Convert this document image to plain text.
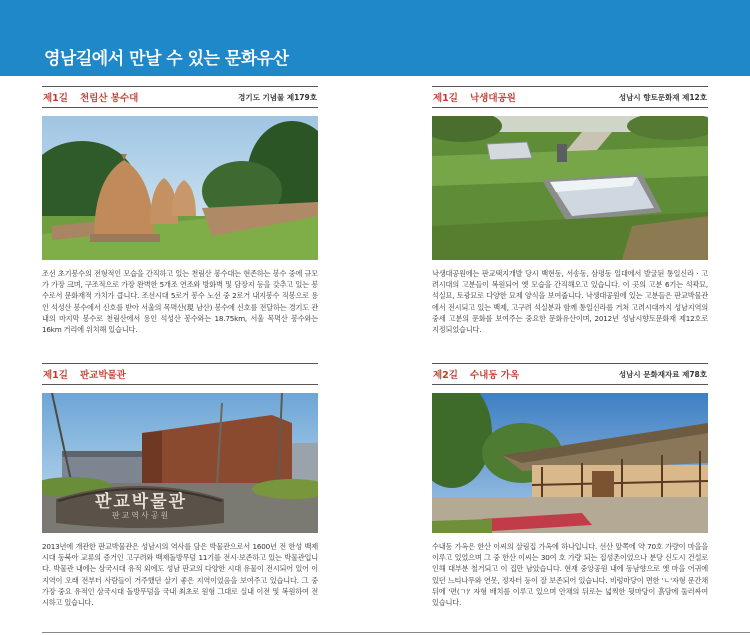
영남길에서 만날 수 있는 문화유산
제1길 천림산 봉수대	경기도 기념물 제179호

조선 초기봉수의 전형적인 모습을 간직하고 있는 천림산 봉수대는 현존하는 봉수 중에 규모가 가장 크며, 구조적으로 가장 완벽한 5개조 연조와 방화벽 및 담장지 등을 갖추고 있는 봉수로서 문화재적 가치가 큽니다. 조선시대 5로거 봉수 노선 중 2로거 내지봉수 직봉으로 용인 석성산 봉수에서 신호를 받아 서울의 목멱산(現 남산) 봉수에 신호를 전달하는 경기도 관내의 마지막 봉수로 천림산에서 용인 석성산 봉수와는 18.75km, 서울 목멱산 봉수와는 16km 거리에 위치해 있습니다.

제1길 낙생대공원	성남시 향토문화재 제12호

낙생대공원에는 판교택지개발 당시 백현동, 서송동, 삼평동 일대에서 발굴된 통일신라 · 고려시대의 고분들이 복원되어 옛 모습을 간직해오고 있습니다. 이 곳의 고분 6기는 석곽묘, 석실묘, 토광묘로 다양한 묘제 양식을 보여줍니다. 낙생대공원에 있는 고분들은 판교박물관에서 전시되고 있는 백제, 고구려 석실분과 함께 통일신라를 거쳐 고려시대까지 성남지역의 중세 고분의 문화를 보여주는 중요한 문화유산이며, 2012년 성남시향토문화재 제12호로 지정되었습니다.

제1길 판교박물관
판교박물관
판교역사공원

2013년에 개관한 판교박물관은 성남시의 역사를 담은 박물관으로서 1600년 전 한성 백제시대 동북아 교류의 증거인 고구려와 백제돌방무덤 11기를 전시·보존하고 있는 박물관입니다. 박물관 내에는 삼국시대 유적 외에도 성남 판교의 다양한 시대 유물이 전시되어 있어 이 지역이 오래 전부터 사람들이 거주했던 살기 좋은 지역이었음을 보여주고 있습니다. 그 중 가장 중요 유적인 삼국시대 돌방무덤을 국내 최초로 원형 그대로 실내 이전 및 복원하여 전시하고 있습니다.

제2길 수내동 가옥	성남시 문화재자료 제78호

수내동 가옥은 한산 이씨의 살림집 가옥에 하나입니다. 선산 앞쪽에 약 70호 가량이 마을을 이루고 있었으며 그 중 한산 이씨는 30여 호 가량 되는 집성촌이었으나 분당 신도시 건설로 인해 대부분 철거되고 이 집만 남았습니다. 현재 중앙공원 내에 동남향으로 옛 마을 어귀에 있던 느티나무와 연못, 정자터 등이 잘 보존되어 있습니다. 비렁마당이 면한 'ㄴ'자형 문간채 뒤에 '편(ㄱ)' 자형 배치를 이루고 있으며 안채의 뒤로는 넓찍한 뒷마당이 흙담에 둘러싸여 있습니다.
